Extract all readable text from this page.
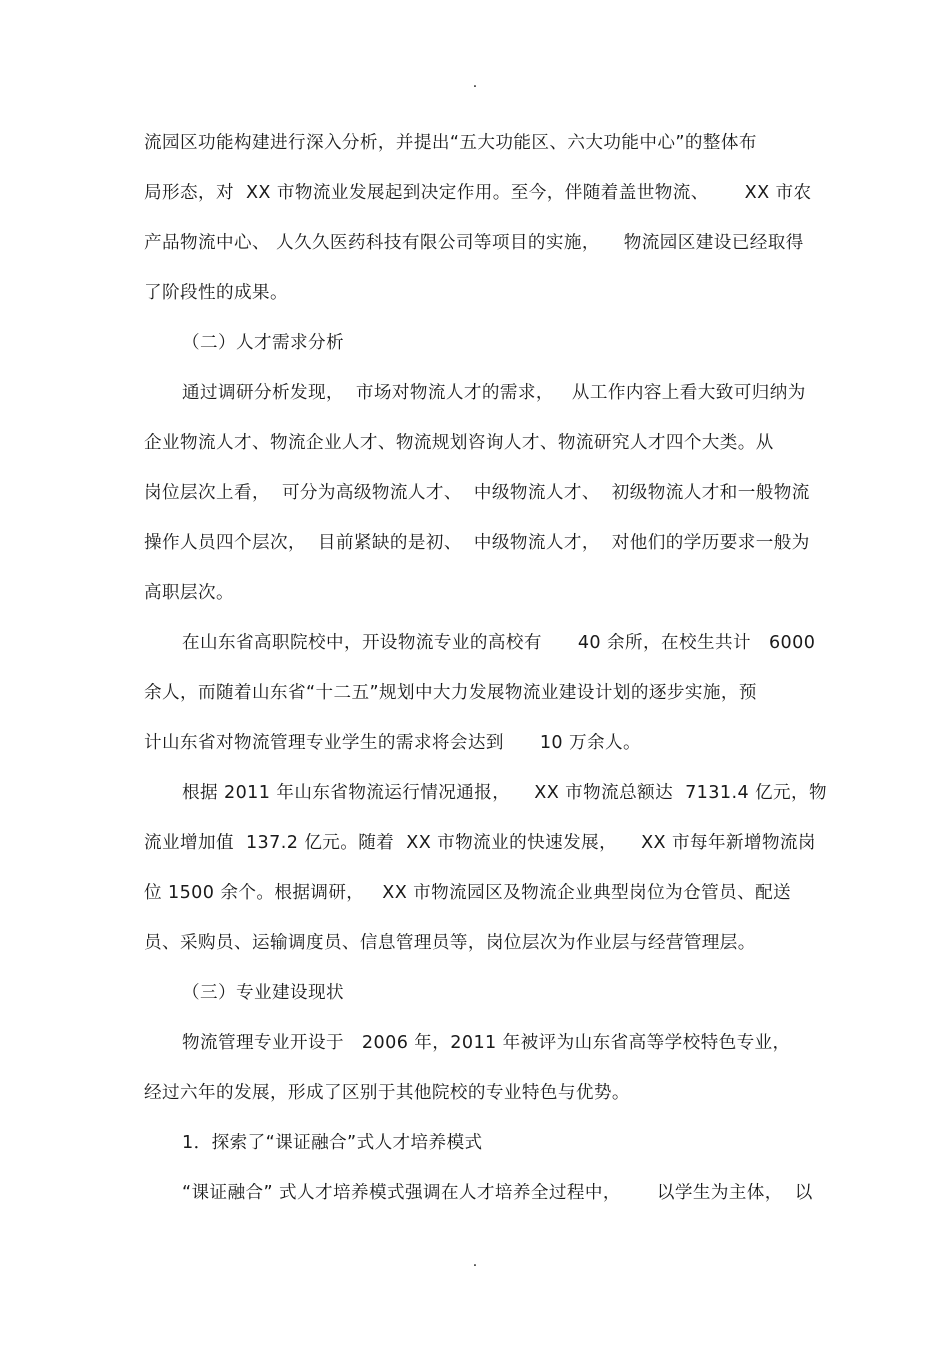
.
流园区功能构建进行深入分析，并提出“五大功能区、六大功能中心”的整体布
局形态，对  XX 市物流业发展起到决定作用。至今，伴随着盖世物流、      XX 市农
产品物流中心、 人久久医药科技有限公司等项目的实施，    物流园区建设已经取得
了阶段性的成果。
（二）人才需求分析
通过调研分析发现，  市场对物流人才的需求，   从工作内容上看大致可归纳为
企业物流人才、物流企业人才、物流规划咨询人才、物流研究人才四个大类。从
岗位层次上看，  可分为高级物流人才、  中级物流人才、  初级物流人才和一般物流
操作人员四个层次，  目前紧缺的是初、  中级物流人才，  对他们的学历要求一般为
高职层次。
在山东省高职院校中，开设物流专业的高校有      40 余所，在校生共计   6000
余人，而随着山东省“十二五”规划中大力发展物流业建设计划的逐步实施，预
计山东省对物流管理专业学生的需求将会达到      10 万余人。
根据 2011 年山东省物流运行情况通报，    XX 市物流总额达  7131.4 亿元，物
流业增加值  137.2 亿元。随着  XX 市物流业的快速发展，    XX 市每年新增物流岗
位 1500 余个。根据调研，   XX 市物流园区及物流企业典型岗位为仓管员、配送
员、采购员、运输调度员、信息管理员等，岗位层次为作业层与经营管理层。
（三）专业建设现状
物流管理专业开设于   2006 年，2011 年被评为山东省高等学校特色专业，
经过六年的发展，形成了区别于其他院校的专业特色与优势。
1．探索了“课证融合”式人才培养模式
“课证融合” 式人才培养模式强调在人才培养全过程中，      以学生为主体，  以
.
